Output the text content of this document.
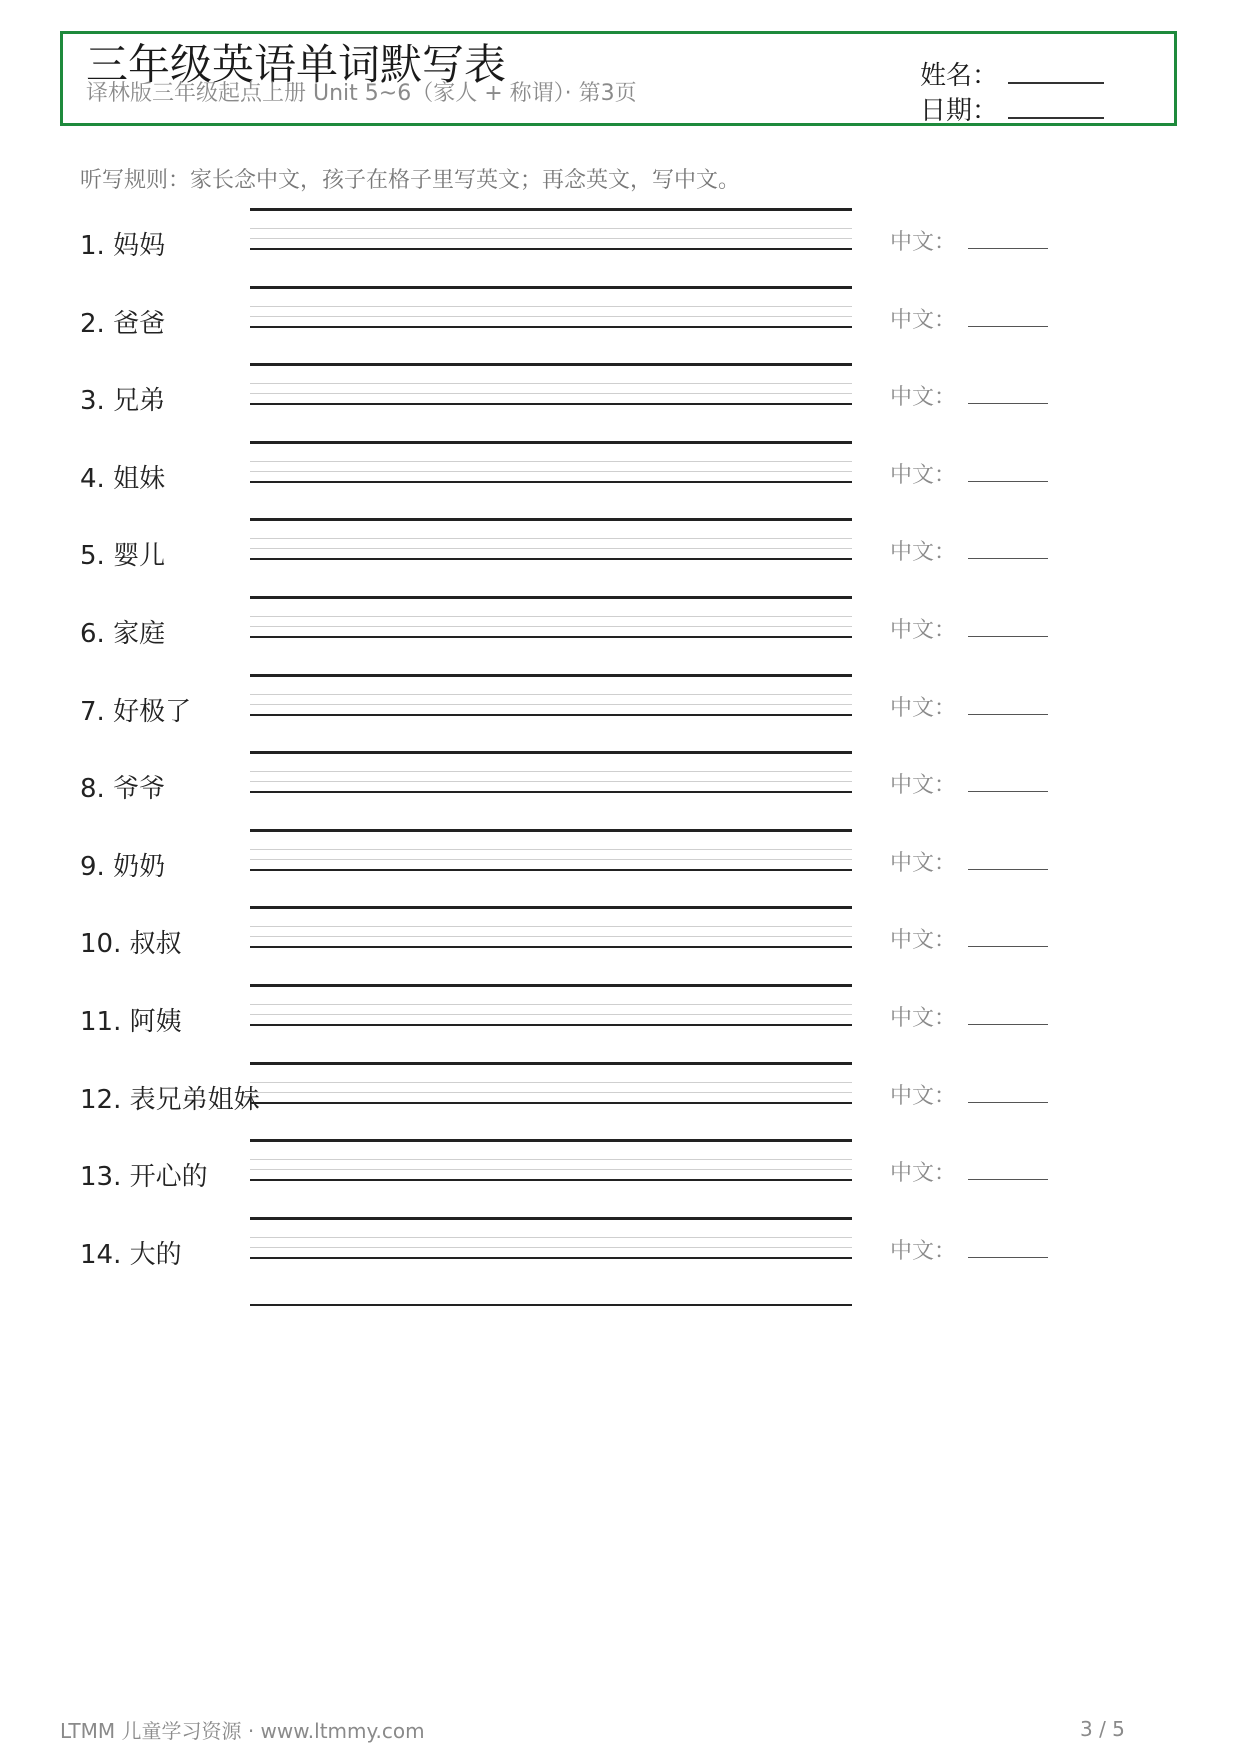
三年级英语单词默写表
译林版三年级起点上册 Unit 5~6（家人 + 称谓）· 第3页
姓名：
日期：
听写规则：家长念中文，孩子在格子里写英文；再念英文，写中文。
1. 妈妈	中文：
2. 爸爸	中文：
3. 兄弟	中文：
4. 姐妹	中文：
5. 婴儿	中文：
6. 家庭	中文：
7. 好极了	中文：
8. 爷爷	中文：
9. 奶奶	中文：
10. 叔叔	中文：
11. 阿姨	中文：
12. 表兄弟姐妹	中文：
13. 开心的	中文：
14. 大的	中文：
LTMM 儿童学习资源 · www.ltmmy.com	3 / 5
